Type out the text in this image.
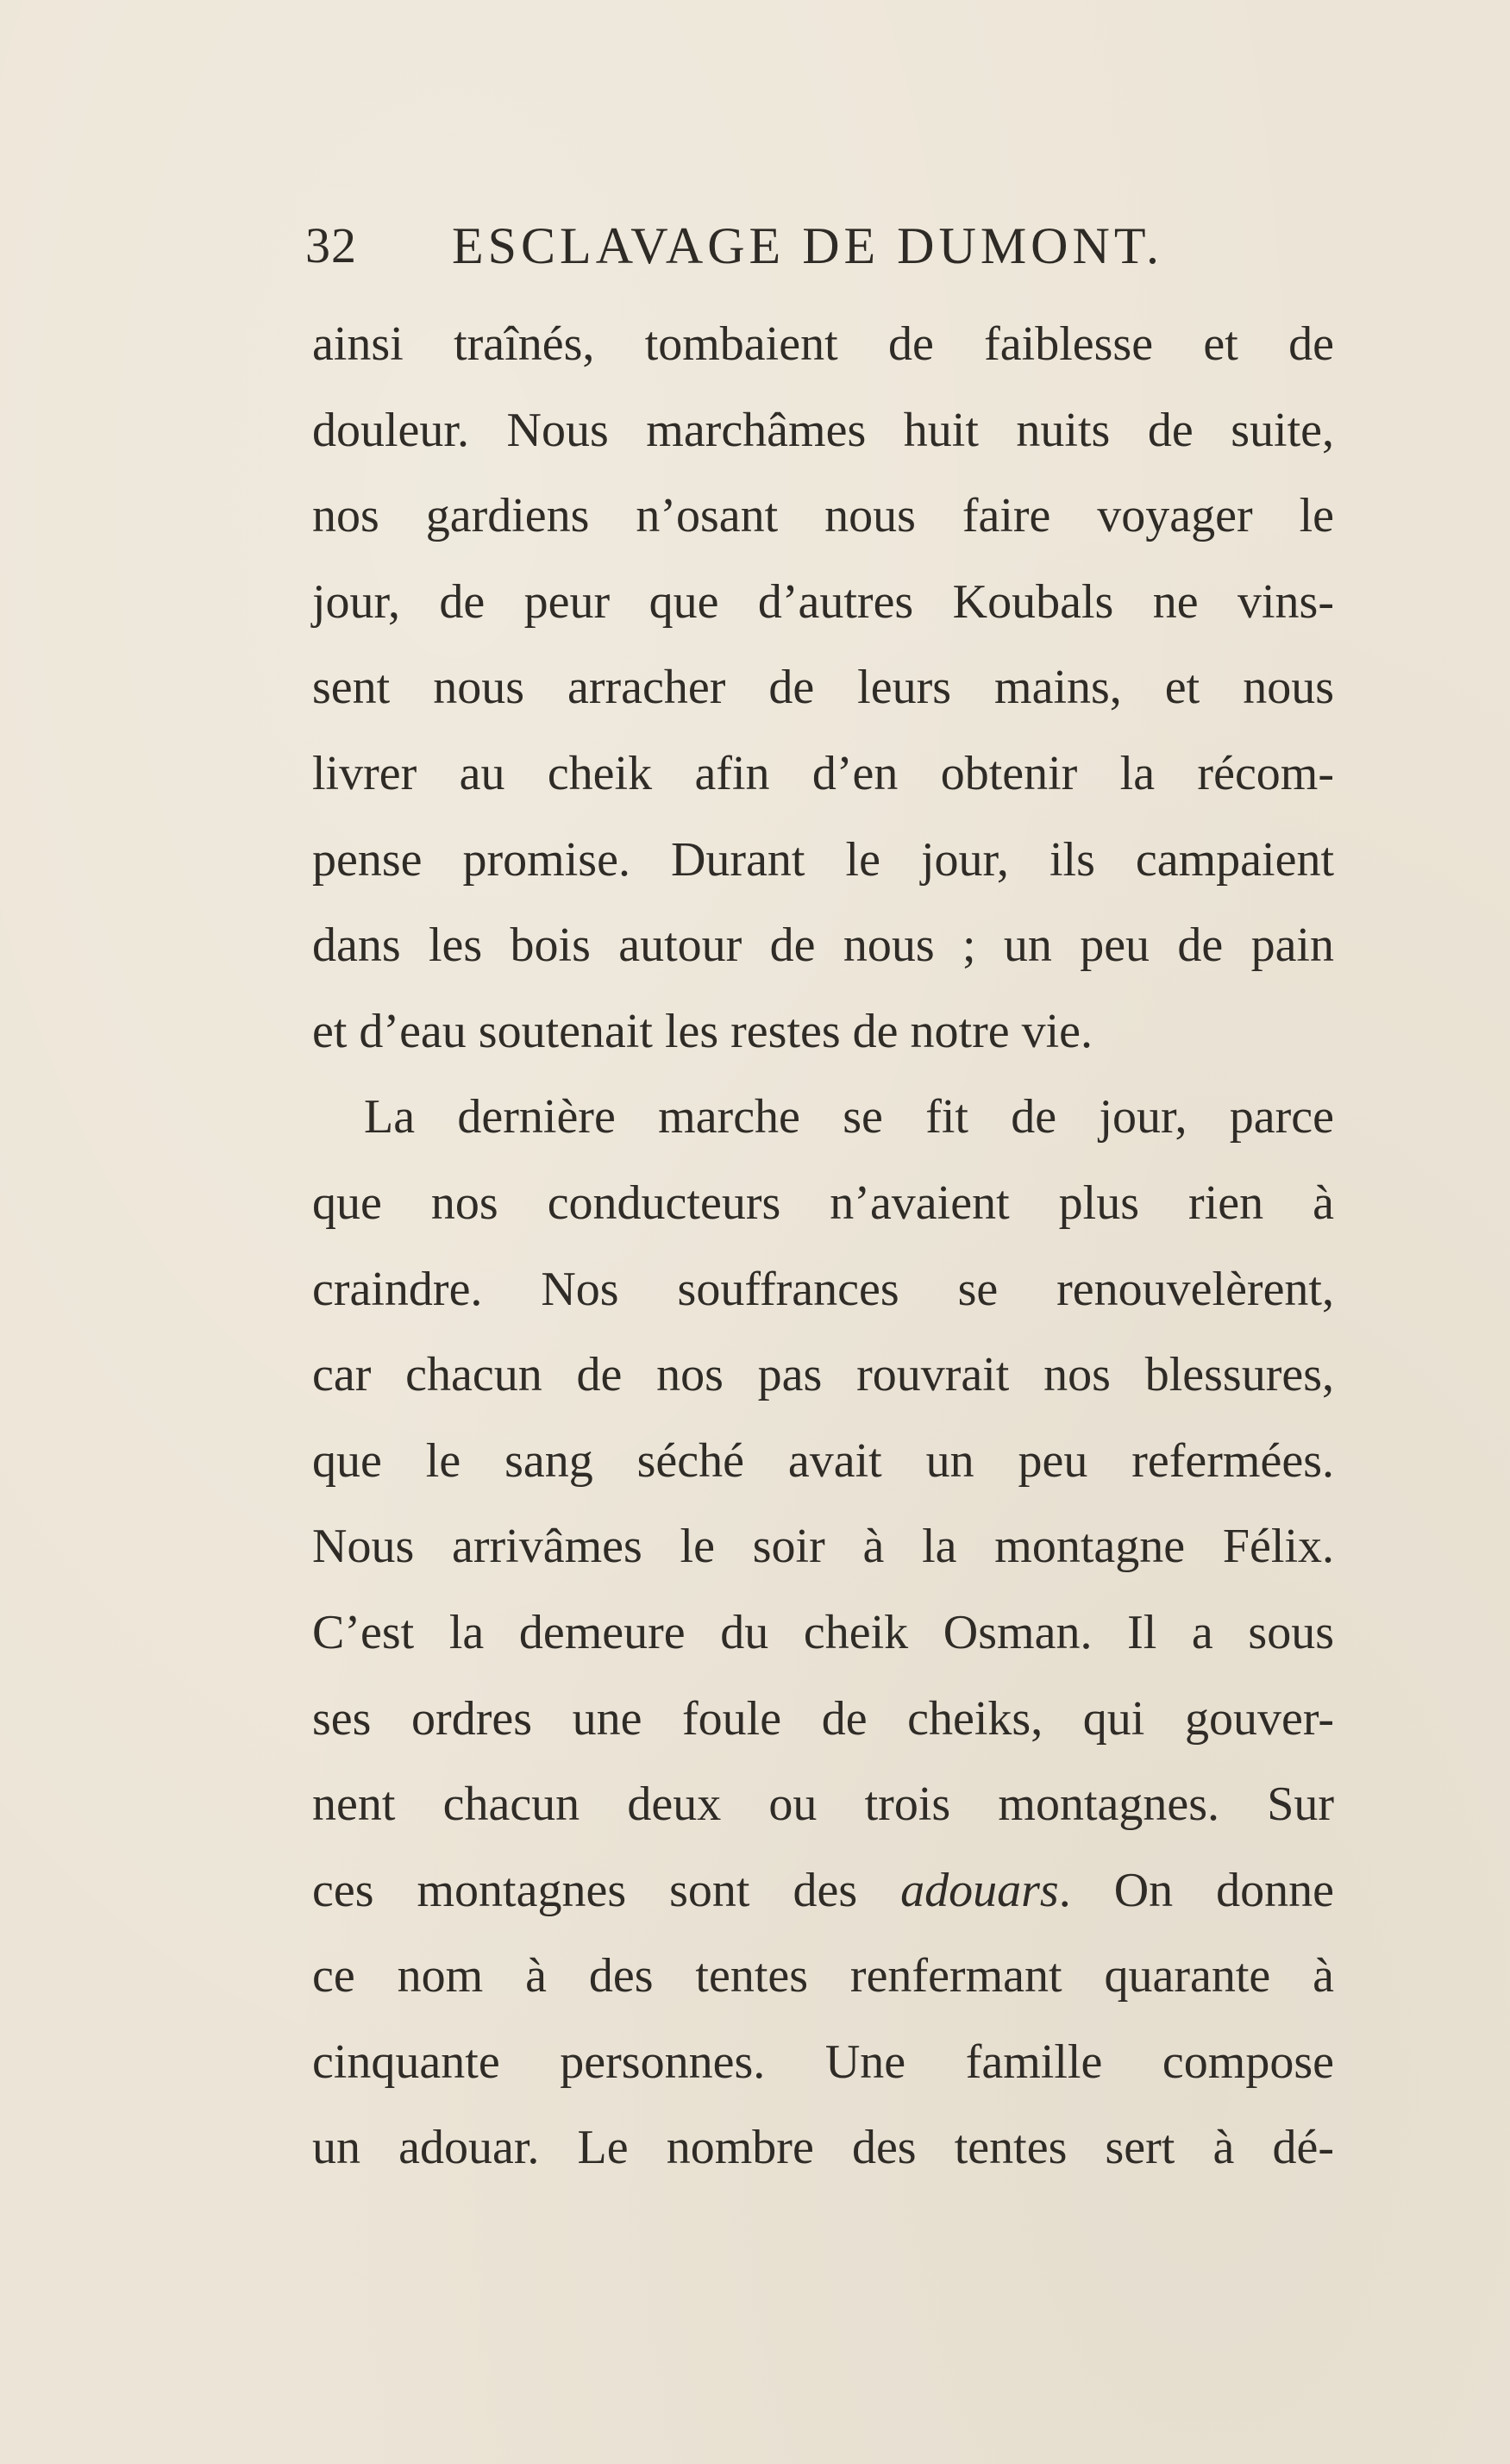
32 ESCLAVAGE DE DUMONT.
ainsi traînés, tombaient de faiblesse et de
douleur. Nous marchâmes huit nuits de suite,
nos gardiens n’osant nous faire voyager le
jour, de peur que d’autres Koubals ne vins-
sent nous arracher de leurs mains, et nous
livrer au cheik afin d’en obtenir la récom-
pense promise. Durant le jour, ils campaient
dans les bois autour de nous ; un peu de pain
et d’eau soutenait les restes de notre vie.
La dernière marche se fit de jour, parce
que nos conducteurs n’avaient plus rien à
craindre. Nos souffrances se renouvelèrent,
car chacun de nos pas rouvrait nos blessures,
que le sang séché avait un peu refermées.
Nous arrivâmes le soir à la montagne Félix.
C’est la demeure du cheik Osman. Il a sous
ses ordres une foule de cheiks, qui gouver-
nent chacun deux ou trois montagnes. Sur
ces montagnes sont des adouars. On donne
ce nom à des tentes renfermant quarante à
cinquante personnes. Une famille compose
un adouar. Le nombre des tentes sert à dé-
